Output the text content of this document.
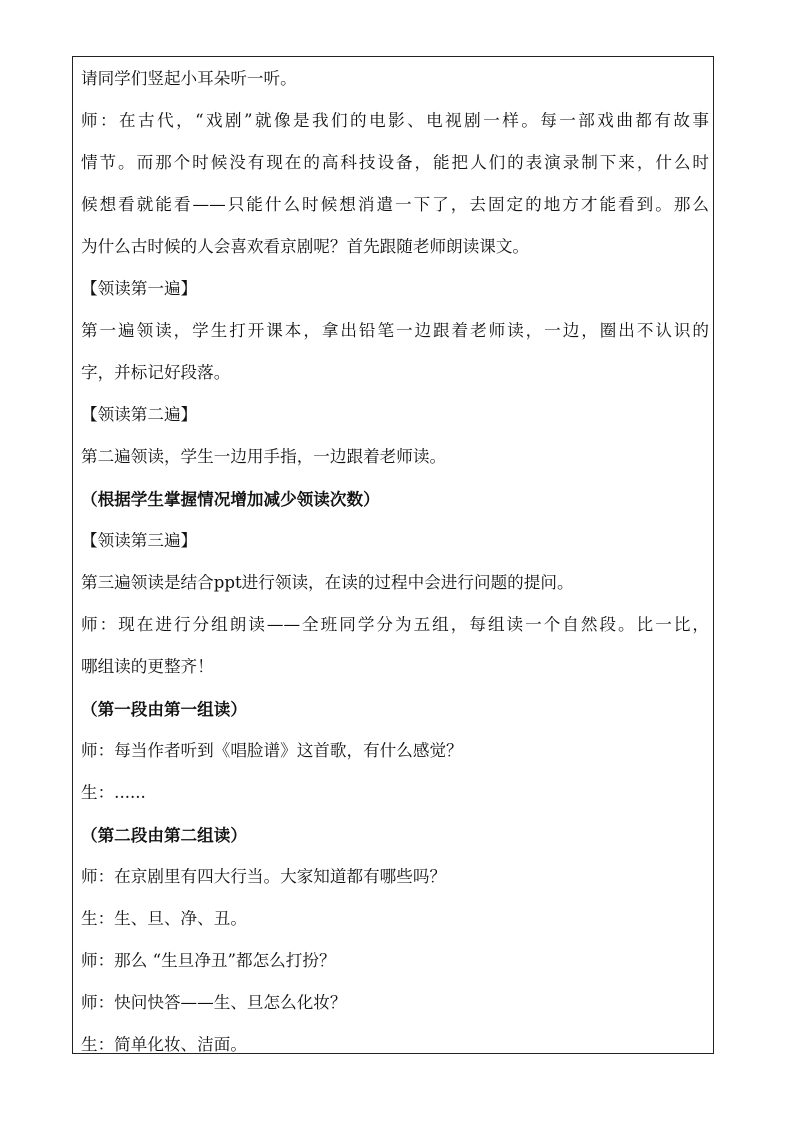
请同学们竖起小耳朵听一听。
师：在古代，“戏剧”就像是我们的电影、电视剧一样。每一部戏曲都有故事
情节。而那个时候没有现在的高科技设备，能把人们的表演录制下来，什么时
候想看就能看——只能什么时候想消遣一下了，去固定的地方才能看到。那么
为什么古时候的人会喜欢看京剧呢？首先跟随老师朗读课文。
【领读第一遍】
第一遍领读，学生打开课本，拿出铅笔一边跟着老师读，一边，圈出不认识的
字，并标记好段落。
【领读第二遍】
第二遍领读，学生一边用手指，一边跟着老师读。
（根据学生掌握情况增加减少领读次数）
【领读第三遍】
第三遍领读是结合ppt进行领读，在读的过程中会进行问题的提问。
师：现在进行分组朗读——全班同学分为五组，每组读一个自然段。比一比，
哪组读的更整齐！
（第一段由第一组读）
师：每当作者听到《唱脸谱》这首歌，有什么感觉？
生：......
（第二段由第二组读）
师：在京剧里有四大行当。大家知道都有哪些吗？
生：生、旦、净、丑。
师：那么 “生旦净丑”都怎么打扮？
师：快问快答——生、旦怎么化妆？
生：简单化妆、洁面。
